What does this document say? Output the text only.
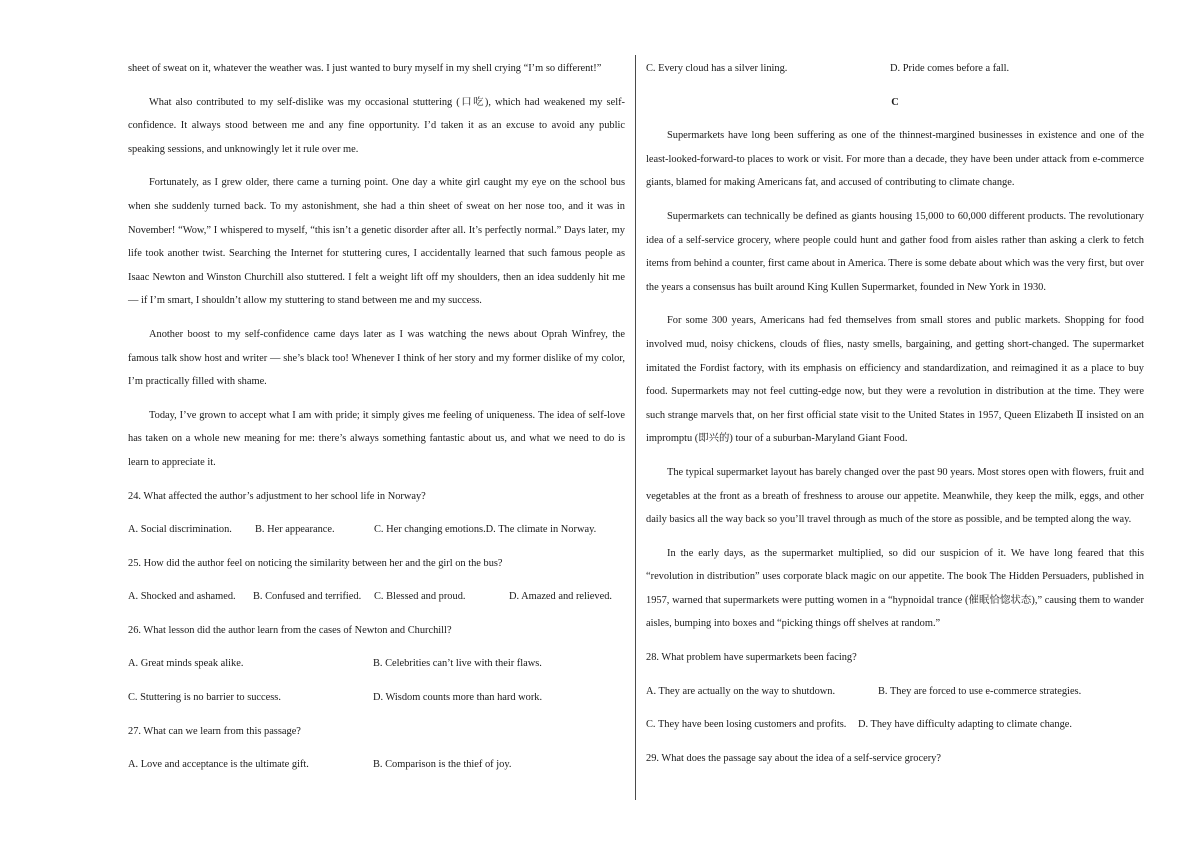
sheet of sweat on it, whatever the weather was. I just wanted to bury myself in my shell crying “I’m so different!”

What also contributed to my self-dislike was my occasional stuttering (口吃), which had weakened my self-confidence. It always stood between me and any fine opportunity. I’d taken it as an excuse to avoid any public speaking sessions, and unknowingly let it rule over me.

Fortunately, as I grew older, there came a turning point. One day a white girl caught my eye on the school bus when she suddenly turned back. To my astonishment, she had a thin sheet of sweat on her nose too, and it was in November! “Wow,” I whispered to myself, “this isn’t a genetic disorder after all. It’s perfectly normal.” Days later, my life took another twist. Searching the Internet for stuttering cures, I accidentally learned that such famous people as Isaac Newton and Winston Churchill also stuttered. I felt a weight lift off my shoulders, then an idea suddenly hit me — if I’m smart, I shouldn’t allow my stuttering to stand between me and my success.

Another boost to my self-confidence came days later as I was watching the news about Oprah Winfrey, the famous talk show host and writer — she’s black too! Whenever I think of her story and my former dislike of my color, I’m practically filled with shame.

Today, I’ve grown to accept what I am with pride; it simply gives me feeling of uniqueness. The idea of self-love has taken on a whole new meaning for me: there’s always something fantastic about us, and what we need to do is learn to appreciate it.

24. What affected the author’s adjustment to her school life in Norway?
A. Social discrimination. B. Her appearance.	C. Her changing emotions.D. The climate in Norway.
25. How did the author feel on noticing the similarity between her and the girl on the bus?
A. Shocked and ashamed. B. Confused and terrified. C. Blessed and proud.	D. Amazed and relieved.
26. What lesson did the author learn from the cases of Newton and Churchill?
A. Great minds speak alike.	B. Celebrities can’t live with their flaws.
C. Stuttering is no barrier to success.	D. Wisdom counts more than hard work.
27. What can we learn from this passage?
A. Love and acceptance is the ultimate gift.	B. Comparison is the thief of joy.
C. Every cloud has a silver lining.	D. Pride comes before a fall.
C

Supermarkets have long been suffering as one of the thinnest-margined businesses in existence and one of the least-looked-forward-to places to work or visit. For more than a decade, they have been under attack from e-commerce giants, blamed for making Americans fat, and accused of contributing to climate change.

Supermarkets can technically be defined as giants housing 15,000 to 60,000 different products. The revolutionary idea of a self-service grocery, where people could hunt and gather food from aisles rather than asking a clerk to fetch items from behind a counter, first came about in America. There is some debate about which was the very first, but over the years a consensus has built around King Kullen Supermarket, founded in New York in 1930.

For some 300 years, Americans had fed themselves from small stores and public markets. Shopping for food involved mud, noisy chickens, clouds of flies, nasty smells, bargaining, and getting short-changed. The supermarket imitated the Fordist factory, with its emphasis on efficiency and standardization, and reimagined it as a place to buy food. Supermarkets may not feel cutting-edge now, but they were a revolution in distribution at the time. They were such strange marvels that, on her first official state visit to the United States in 1957, Queen Elizabeth Ⅱ insisted on an impromptu (即兴的) tour of a suburban-Maryland Giant Food.

The typical supermarket layout has barely changed over the past 90 years. Most stores open with flowers, fruit and vegetables at the front as a breath of freshness to arouse our appetite. Meanwhile, they keep the milk, eggs, and other daily basics all the way back so you’ll travel through as much of the store as possible, and be tempted along the way.

In the early days, as the supermarket multiplied, so did our suspicion of it. We have long feared that this “revolution in distribution” uses corporate black magic on our appetite. The book The Hidden Persuaders, published in 1957, warned that supermarkets were putting women in a “hypnoidal trance (催眠恰惚状态),” causing them to wander aisles, bumping into boxes and “picking things off shelves at random.”

28. What problem have supermarkets been facing?
A. They are actually on the way to shutdown.	B. They are forced to use e-commerce strategies.
C. They have been losing customers and profits. D. They have difficulty adapting to climate change.
29. What does the passage say about the idea of a self-service grocery?
